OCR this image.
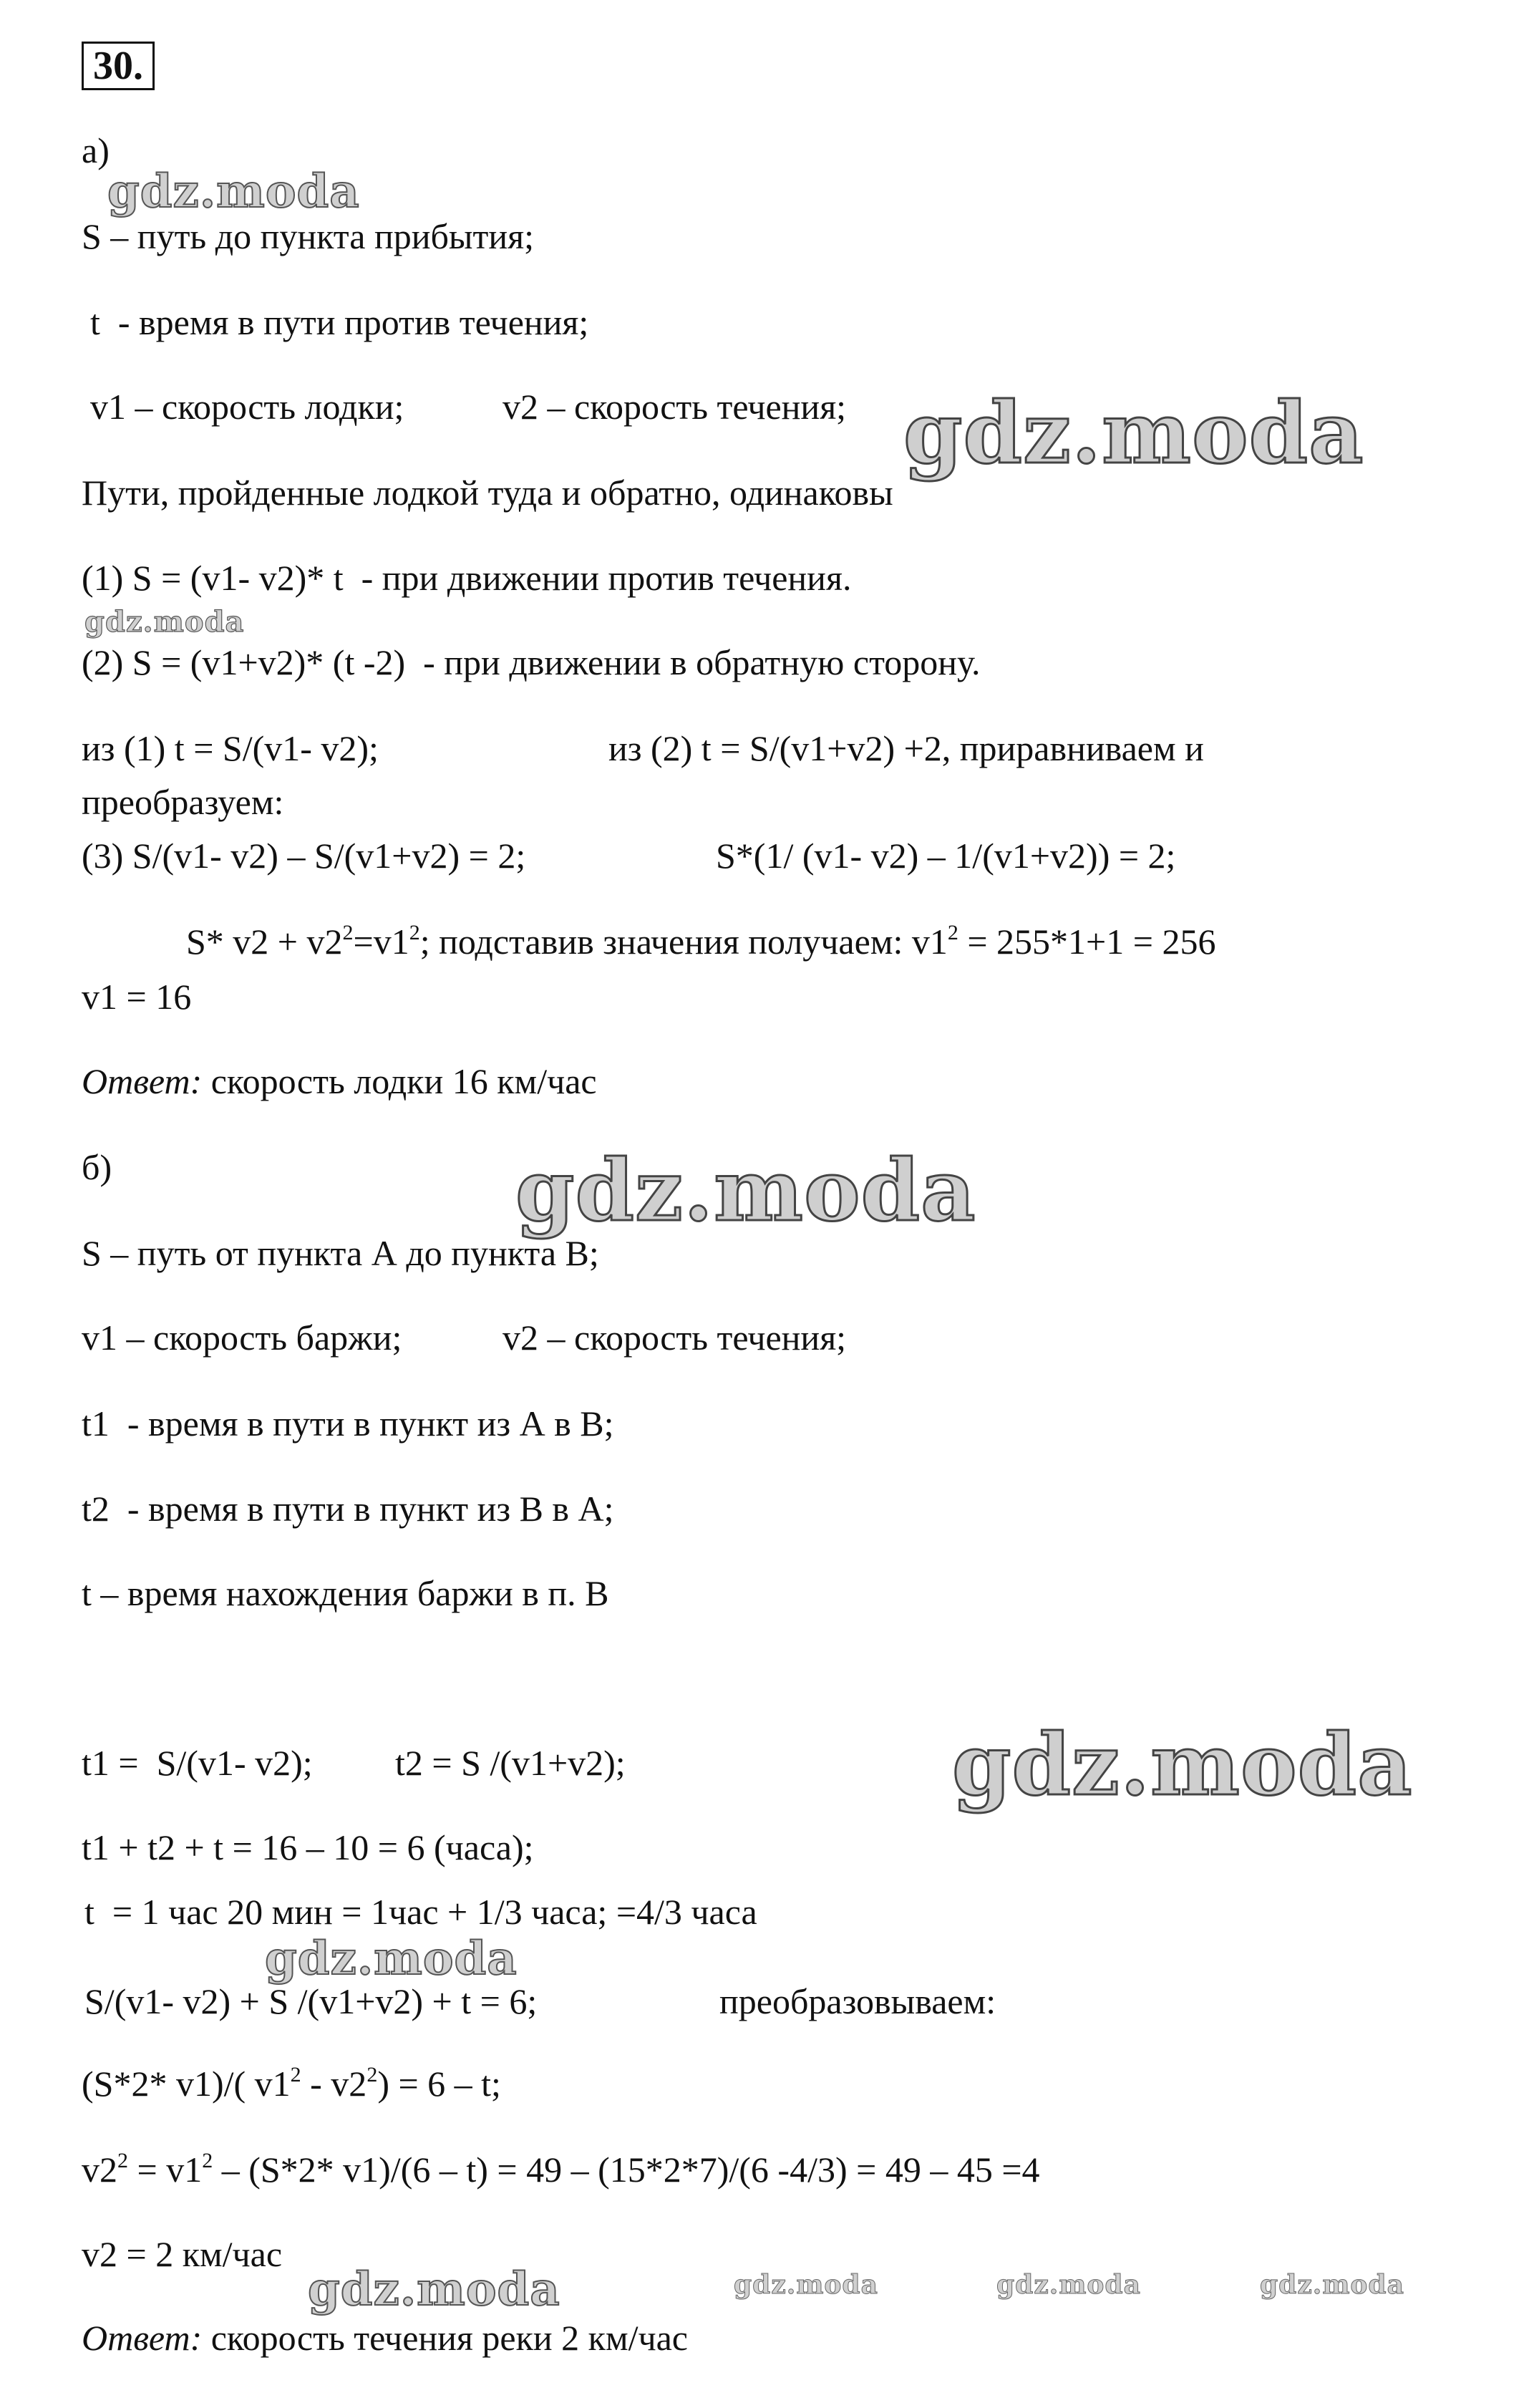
30.
а)
S – путь до пункта прибытия;
t  - время в пути против течения;
v1 – скорость лодки;	v2 – скорость течения;
Пути, пройденные лодкой туда и обратно, одинаковы
(1) S = (v1- v2)* t  - при движении против течения.
(2) S = (v1+v2)* (t -2)  - при движении в обратную сторону.
из (1) t = S/(v1- v2);	из (2) t = S/(v1+v2) +2, приравниваем и
преобразуем:
(3) S/(v1- v2) – S/(v1+v2) = 2;	S*(1/ (v1- v2) – 1/(v1+v2)) = 2;
S* $v2 + v2^2=v1^2$; подставив значения получаем: $v1^2 = 255*1+1 = 256$
v1 = 16
Ответ: скорость лодки 16 км/час
б)
S – путь от пункта А до пункта В;
v1 – скорость баржи;	v2 – скорость течения;
t1  - время в пути в пункт из А в В;
t2  - время в пути в пункт из В в А;
t – время нахождения баржи в п. В
t1 =  S/(v1- v2); t2 = S /(v1+v2);
t1 + t2 + t = 16 – 10 = 6 (часа);
t  = 1 час 20 мин = 1час + 1/3 часа; =4/3 часа
S/(v1- v2) + S /(v1+v2) + t = 6;	преобразовываем:
(S*2* v1)/( $v1^2 - v2^2) = 6 - t$;
$v2^2 = v1^2 - (S*2*$ v1)/(6 – t) = 49 – (15*2*7)/(6 -4/3) = 49 – 45 =4
v2 = 2 км/час
Ответ: скорость течения реки 2 км/час
gdz.moda
gdz.moda
gdz.moda
gdz.moda
gdz.moda
gdz.moda
gdz.moda	gdz.moda	gdz.moda	gdz.moda
